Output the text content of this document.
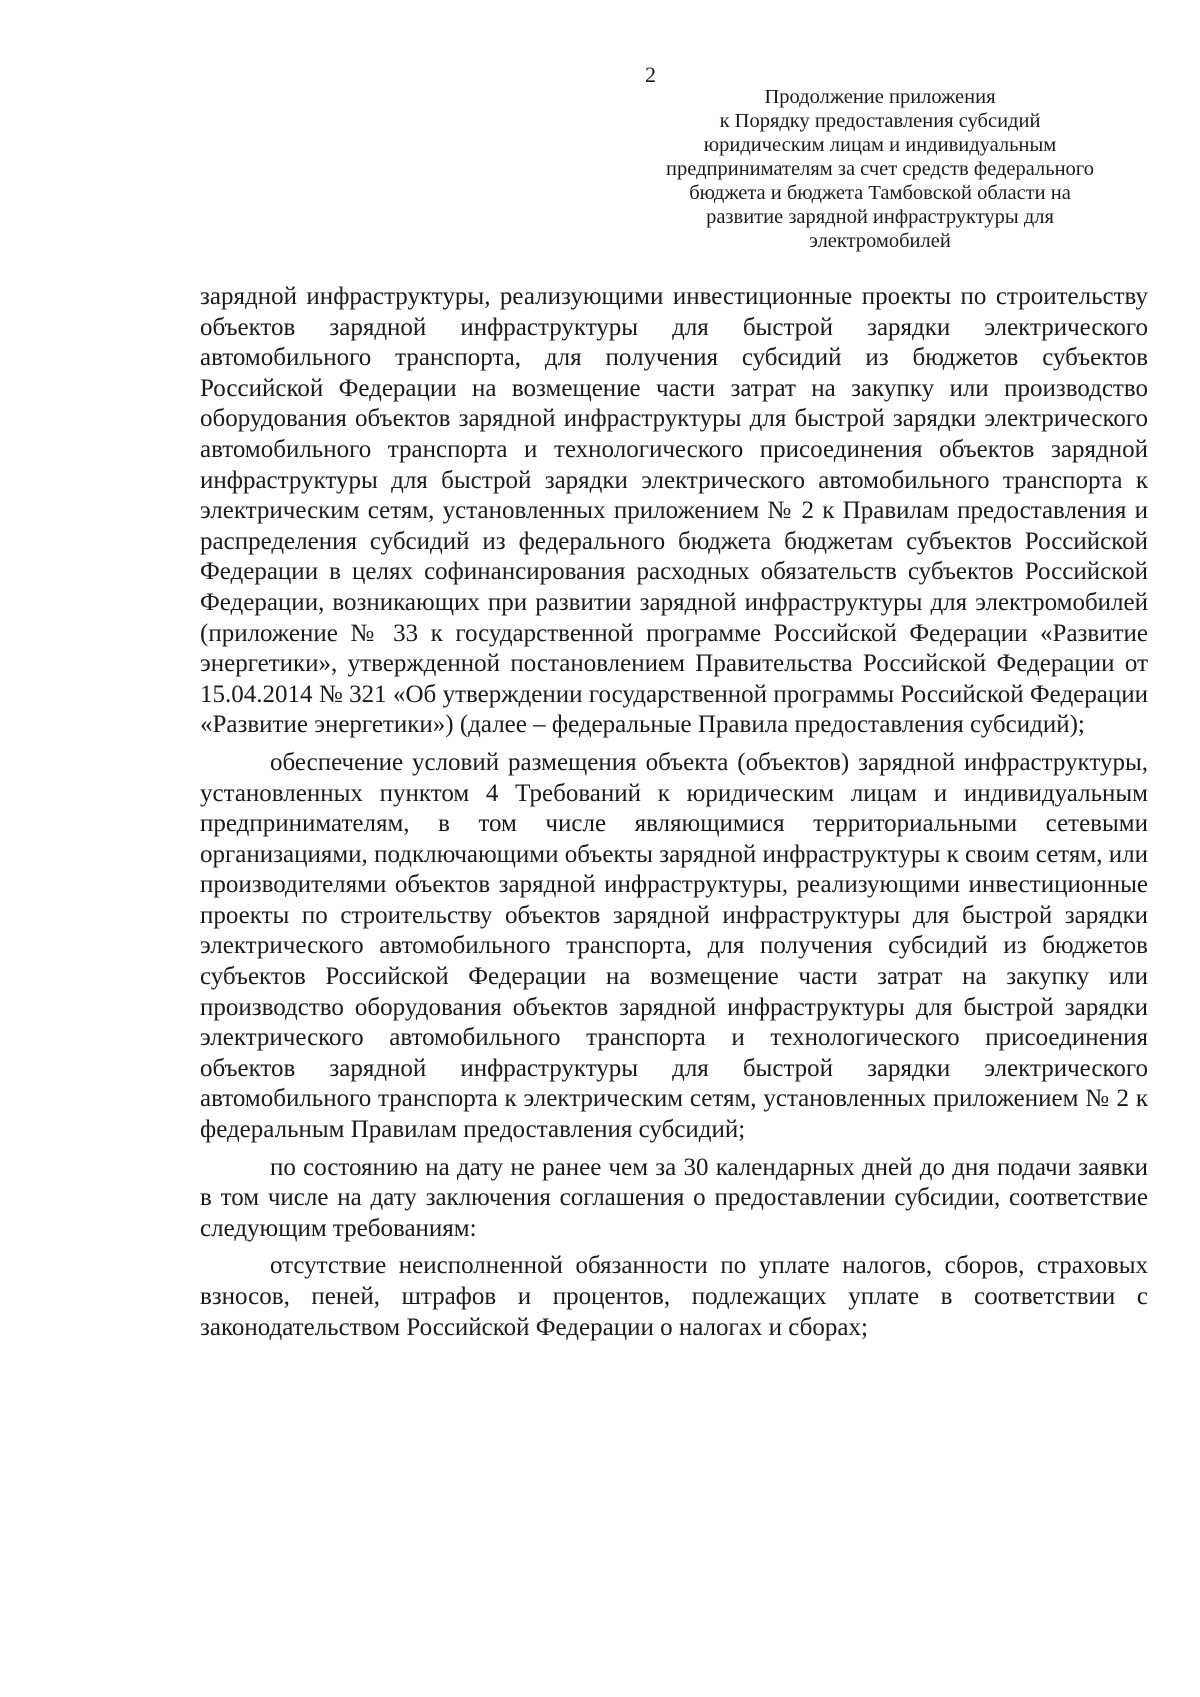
2
Продолжение приложения
к Порядку предоставления субсидий
юридическим лицам и индивидуальным
предпринимателям за счет средств федерального
бюджета и бюджета Тамбовской области на
развитие зарядной инфраструктуры для
электромобилей

зарядной инфраструктуры, реализующими инвестиционные проекты по строительству объектов зарядной инфраструктуры для быстрой зарядки электрического автомобильного транспорта, для получения субсидий из бюджетов субъектов Российской Федерации на возмещение части затрат на закупку или производство оборудования объектов зарядной инфраструктуры для быстрой зарядки электрического автомобильного транспорта и технологического присоединения объектов зарядной инфраструктуры для быстрой зарядки электрического автомобильного транспорта к электрическим сетям, установленных приложением № 2 к Правилам предоставления и распределения субсидий из федерального бюджета бюджетам субъектов Российской Федерации в целях софинансирования расходных обязательств субъектов Российской Федерации, возникающих при развитии зарядной инфраструктуры для электромобилей (приложение № 33 к государственной программе Российской Федерации «Развитие энергетики», утвержденной постановлением Правительства Российской Федерации от 15.04.2014 № 321 «Об утверждении государственной программы Российской Федерации «Развитие энергетики») (далее – федеральные Правила предоставления субсидий);

обеспечение условий размещения объекта (объектов) зарядной инфраструктуры, установленных пунктом 4 Требований к юридическим лицам и индивидуальным предпринимателям, в том числе являющимися территориальными сетевыми организациями, подключающими объекты зарядной инфраструктуры к своим сетям, или производителями объектов зарядной инфраструктуры, реализующими инвестиционные проекты по строительству объектов зарядной инфраструктуры для быстрой зарядки электрического автомобильного транспорта, для получения субсидий из бюджетов субъектов Российской Федерации на возмещение части затрат на закупку или производство оборудования объектов зарядной инфраструктуры для быстрой зарядки электрического автомобильного транспорта и технологического присоединения объектов зарядной инфраструктуры для быстрой зарядки электрического автомобильного транспорта к электрическим сетям, установленных приложением № 2 к федеральным Правилам предоставления субсидий;

по состоянию на дату не ранее чем за 30 календарных дней до дня подачи заявки в том числе на дату заключения соглашения о предоставлении субсидии, соответствие следующим требованиям:

отсутствие неисполненной обязанности по уплате налогов, сборов, страховых взносов, пеней, штрафов и процентов, подлежащих уплате в соответствии с законодательством Российской Федерации о налогах и сборах;
